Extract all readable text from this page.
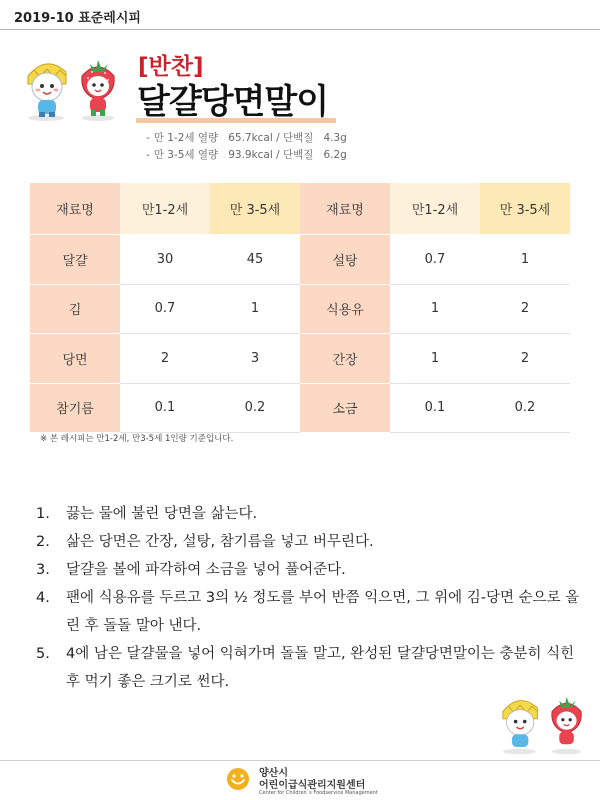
2019-10 표준레시피
[반찬]
달걀당면말이
- 만 1-2세 열량 65.7kcal / 단백질 4.3g
- 만 3-5세 열량 93.9kcal / 단백질 6.2g
재료명	만1-2세	만 3-5세	재료명	만1-2세	만 3-5세
달걀	30	45	설탕	0.7	1
김	0.7	1	식용유	1	2
당면	2	3	간장	1	2
참기름	0.1	0.2	소금	0.1	0.2
※ 본 레시피는 만1-2세, 만3-5세 1인량 기준입니다.
1. 끓는 물에 불린 당면을 삶는다.
2. 삶은 당면은 간장, 설탕, 참기름을 넣고 버무린다.
3. 달걀을 볼에 파각하여 소금을 넣어 풀어준다.
4. 팬에 식용유를 두르고 3의 ½ 정도를 부어 반쯤 익으면, 그 위에 김-당면 순으로 올린 후 돌돌 말아 낸다.
5. 4에 남은 달걀물을 넣어 익혀가며 돌돌 말고, 완성된 달걀당면말이는 충분히 식힌 후 먹기 좋은 크기로 썬다.
양산시
어린이급식관리지원센터
Center for Children`s Foodservice Management
